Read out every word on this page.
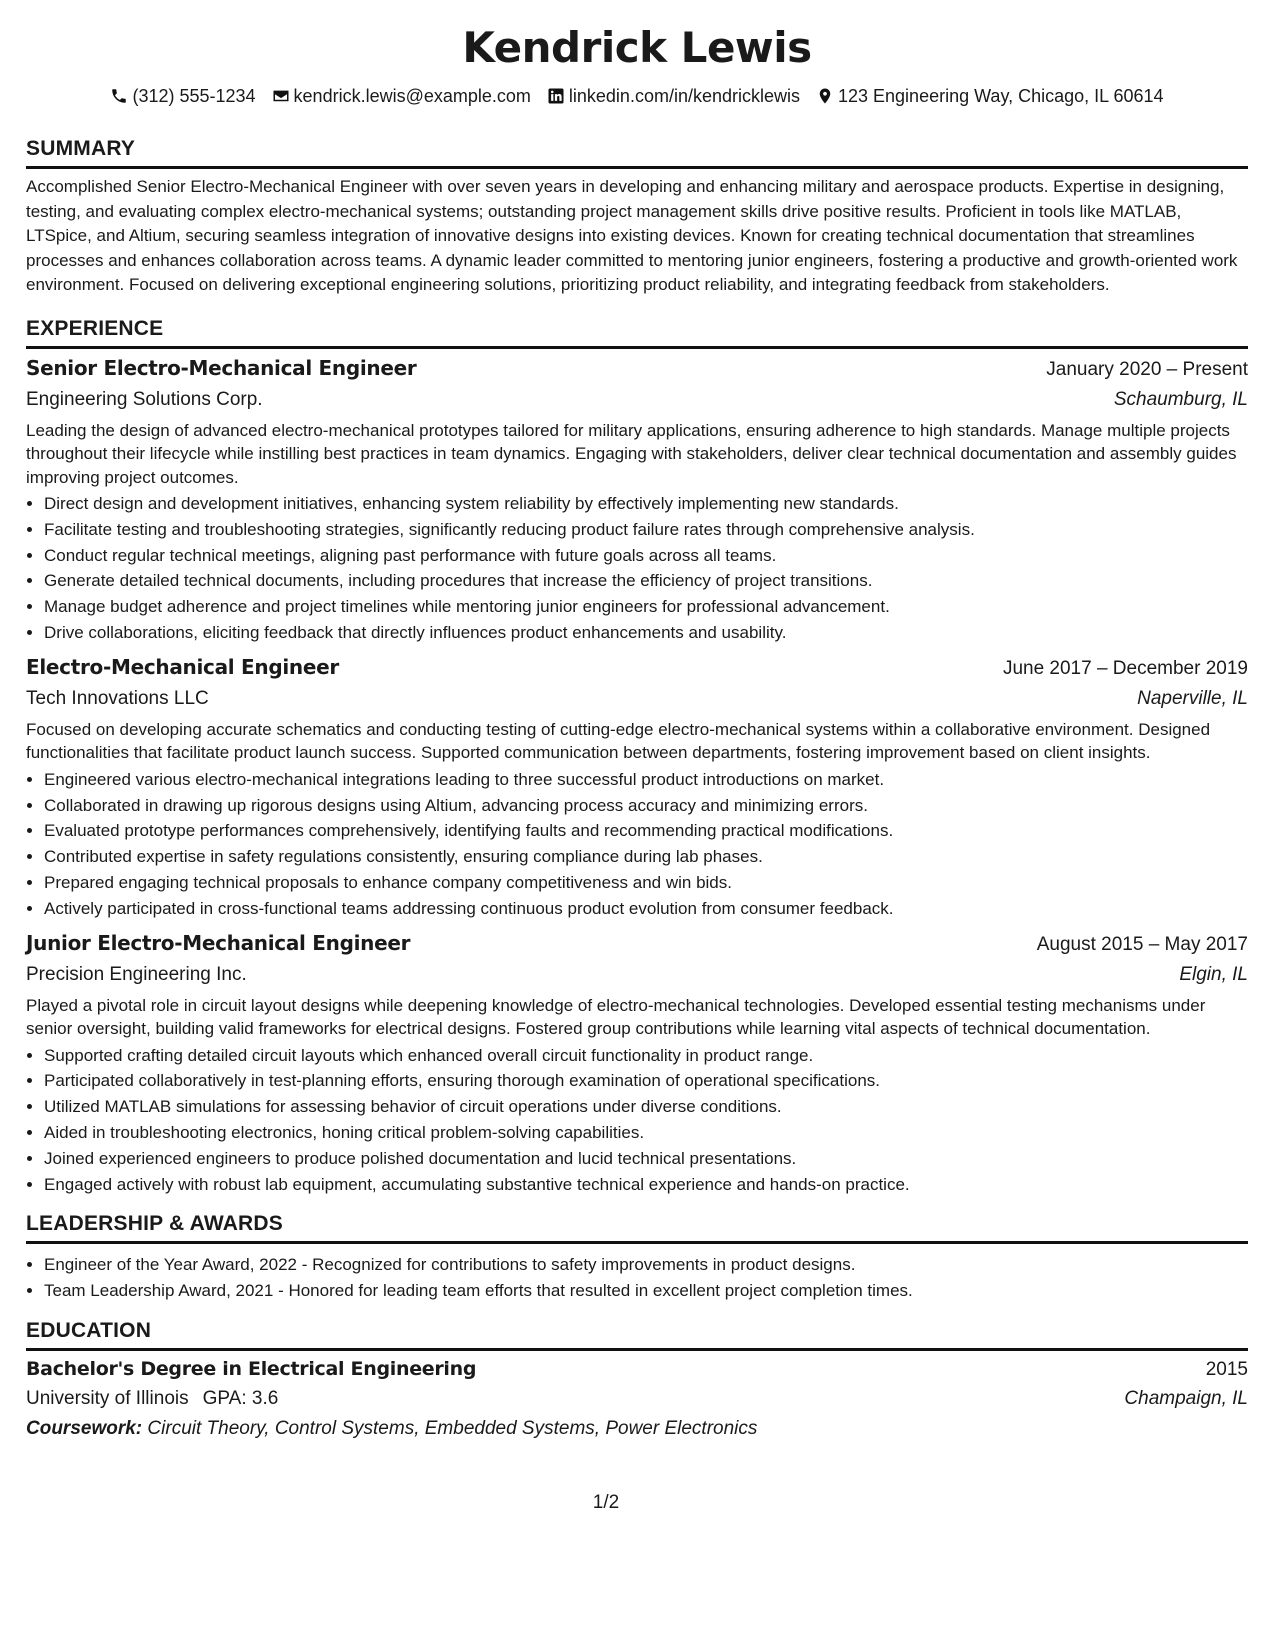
Kendrick Lewis
(312) 555-1234 kendrick.lewis@example.com linkedin.com/in/kendricklewis 123 Engineering Way, Chicago, IL 60614
SUMMARY

Accomplished Senior Electro-Mechanical Engineer with over seven years in developing and enhancing military and aerospace products. Expertise in designing, testing, and evaluating complex electro-mechanical systems; outstanding project management skills drive positive results. Proficient in tools like MATLAB, LTSpice, and Altium, securing seamless integration of innovative designs into existing devices. Known for creating technical documentation that streamlines processes and enhances collaboration across teams. A dynamic leader committed to mentoring junior engineers, fostering a productive and growth-oriented work environment. Focused on delivering exceptional engineering solutions, prioritizing product reliability, and integrating feedback from stakeholders.

EXPERIENCE
Senior Electro-Mechanical Engineer	January 2020 – Present
Engineering Solutions Corp.	Schaumburg, IL

Leading the design of advanced electro-mechanical prototypes tailored for military applications, ensuring adherence to high standards. Manage multiple projects throughout their lifecycle while instilling best practices in team dynamics. Engaging with stakeholders, deliver clear technical documentation and assembly guides improving project outcomes.

• Direct design and development initiatives, enhancing system reliability by effectively implementing new standards.
• Facilitate testing and troubleshooting strategies, significantly reducing product failure rates through comprehensive analysis.
• Conduct regular technical meetings, aligning past performance with future goals across all teams.
• Generate detailed technical documents, including procedures that increase the efficiency of project transitions.
• Manage budget adherence and project timelines while mentoring junior engineers for professional advancement.
• Drive collaborations, eliciting feedback that directly influences product enhancements and usability.
Electro-Mechanical Engineer	June 2017 – December 2019
Tech Innovations LLC	Naperville, IL

Focused on developing accurate schematics and conducting testing of cutting-edge electro-mechanical systems within a collaborative environment. Designed functionalities that facilitate product launch success. Supported communication between departments, fostering improvement based on client insights.

• Engineered various electro-mechanical integrations leading to three successful product introductions on market.
• Collaborated in drawing up rigorous designs using Altium, advancing process accuracy and minimizing errors.
• Evaluated prototype performances comprehensively, identifying faults and recommending practical modifications.
• Contributed expertise in safety regulations consistently, ensuring compliance during lab phases.
• Prepared engaging technical proposals to enhance company competitiveness and win bids.
• Actively participated in cross-functional teams addressing continuous product evolution from consumer feedback.
Junior Electro-Mechanical Engineer	August 2015 – May 2017
Precision Engineering Inc.	Elgin, IL

Played a pivotal role in circuit layout designs while deepening knowledge of electro-mechanical technologies. Developed essential testing mechanisms under senior oversight, building valid frameworks for electrical designs. Fostered group contributions while learning vital aspects of technical documentation.

• Supported crafting detailed circuit layouts which enhanced overall circuit functionality in product range.
• Participated collaboratively in test-planning efforts, ensuring thorough examination of operational specifications.
• Utilized MATLAB simulations for assessing behavior of circuit operations under diverse conditions.
• Aided in troubleshooting electronics, honing critical problem-solving capabilities.
• Joined experienced engineers to produce polished documentation and lucid technical presentations.
• Engaged actively with robust lab equipment, accumulating substantive technical experience and hands-on practice.
LEADERSHIP & AWARDS
• Engineer of the Year Award, 2022 - Recognized for contributions to safety improvements in product designs.
• Team Leadership Award, 2021 - Honored for leading team efforts that resulted in excellent project completion times.
EDUCATION
Bachelor's Degree in Electrical Engineering	2015
University of Illinois GPA: 3.6	Champaign, IL
Coursework: Circuit Theory, Control Systems, Embedded Systems, Power Electronics
1/2
